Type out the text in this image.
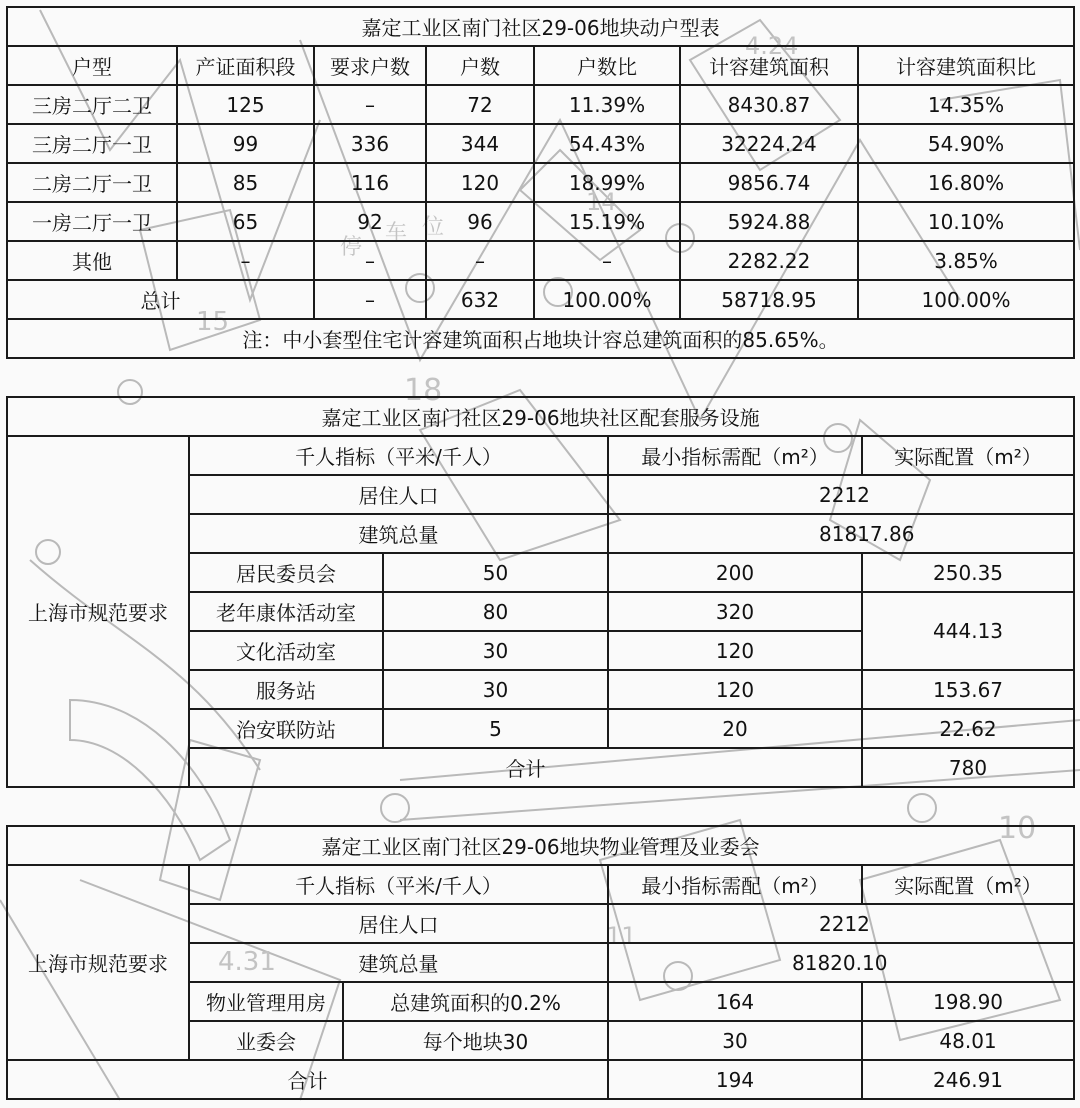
停
车 位
4.24
4.31
15
18
10
11
14
嘉定工业区南门社区29-06地块动户型表						
户型	产证面积段	要求户数	户数	户数比	计容建筑面积	计容建筑面积比
三房二厅二卫	125	–	72	11.39%	8430.87	14.35%
三房二厅一卫	99	336	344	54.43%	32224.24	54.90%
二房二厅一卫	85	116	120	18.99%	9856.74	16.80%
一房二厅一卫	65	92	96	15.19%	5924.88	10.10%
其他	–	–	–	–	2282.22	3.85%
总计		–	632	100.00%	58718.95	100.00%
注：中小套型住宅计容建筑面积占地块计容总建筑面积的85.65%。						
嘉定工业区南门社区29-06地块社区配套服务设施					
上海市规范要求	千人指标（平米/千人）		最小指标需配（m²）	实际配置（m²）	
	居住人口		2212		
	建筑总量		81817.86		
	居民委员会	50	200	250.35	
	老年康体活动室	80	320	444.13	
	文化活动室	30	120		
	服务站	30	120	153.67	
	治安联防站	5	20	22.62	
	合计			780	
嘉定工业区南门社区29-06地块物业管理及业委会				
上海市规范要求	千人指标（平米/千人）		最小指标需配（m²）	实际配置（m²）
	居住人口		2212	
	建筑总量		81820.10	
	物业管理用房	总建筑面积的0.2%	164	198.90
	业委会	每个地块30	30	48.01
合计			194	246.91
